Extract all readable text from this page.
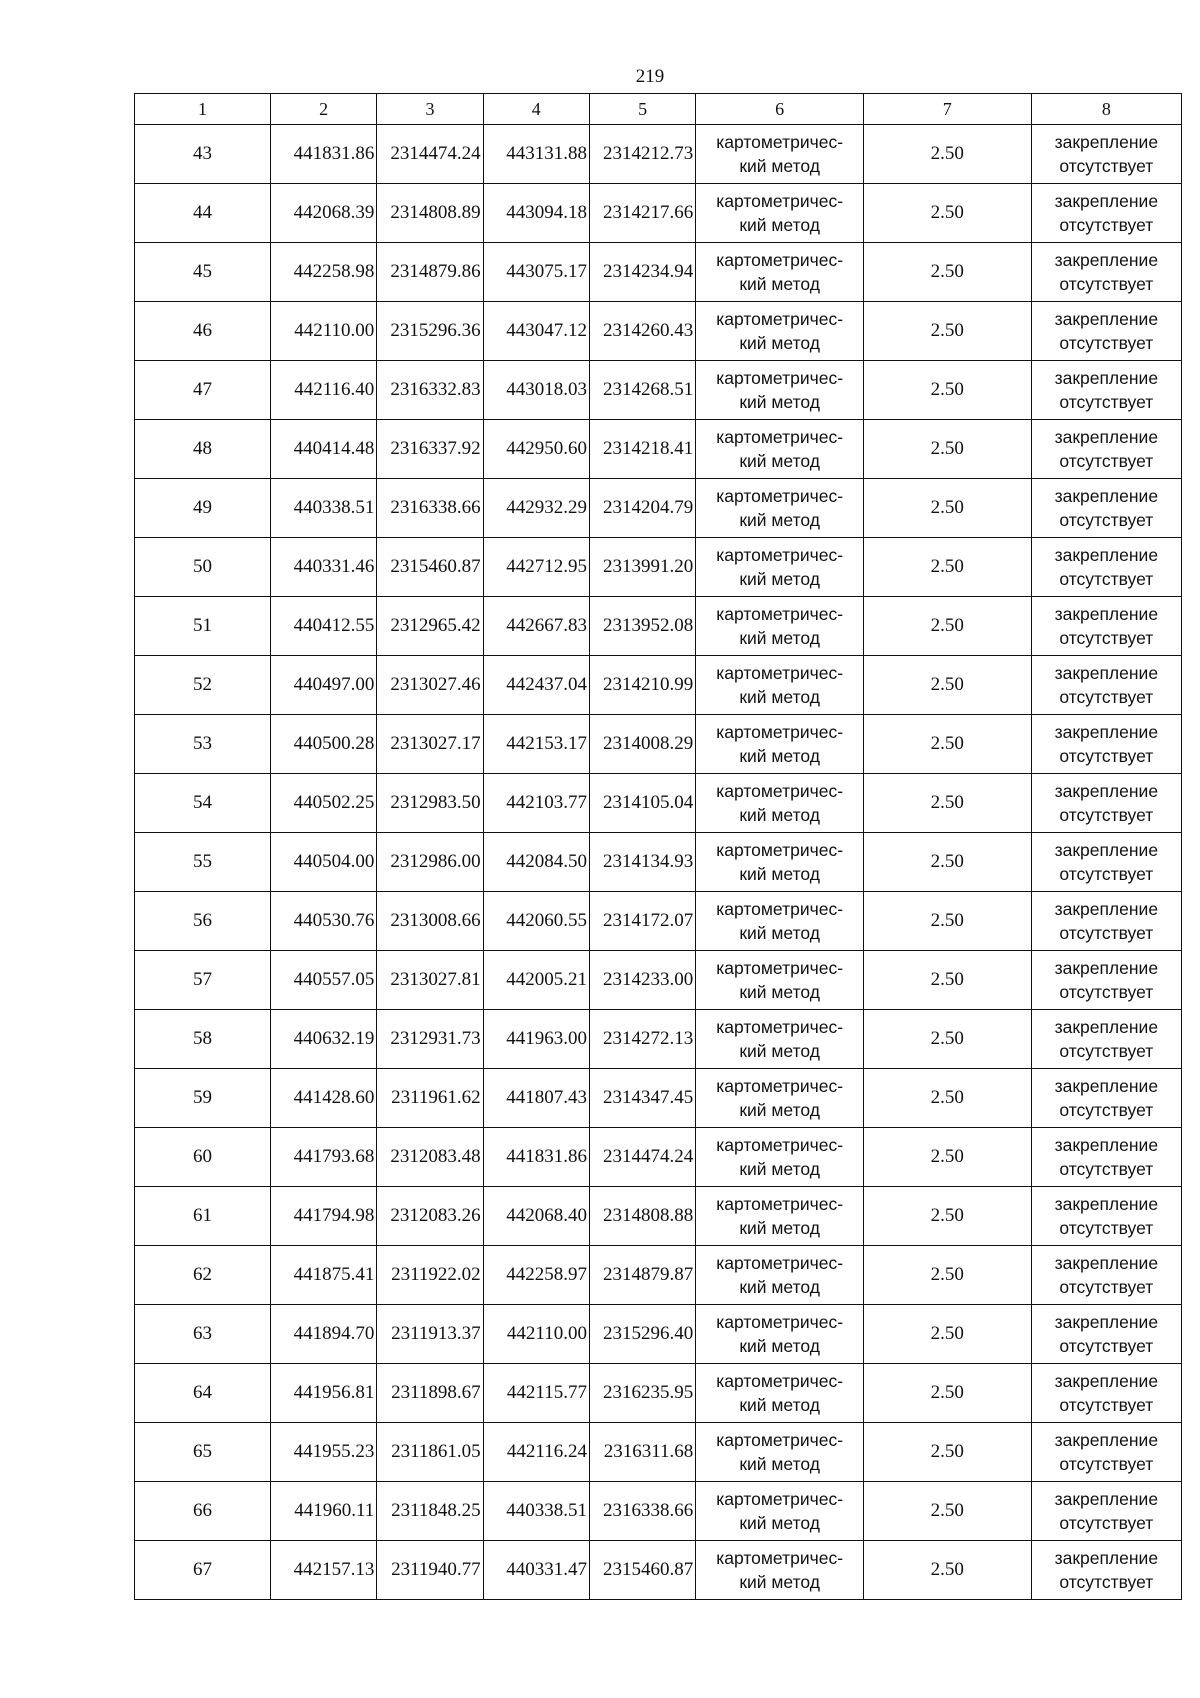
219
1	2	3	4	5	6	7	8
43	441831.86	2314474.24	443131.88	2314212.73	картометричес-
кий метод	2.50	закрепление
отсутствует

44	442068.39	2314808.89	443094.18	2314217.66	картометричес-
кий метод	2.50	закрепление
отсутствует

45	442258.98	2314879.86	443075.17	2314234.94	картометричес-
кий метод	2.50	закрепление
отсутствует

46	442110.00	2315296.36	443047.12	2314260.43	картометричес-
кий метод	2.50	закрепление
отсутствует

47	442116.40	2316332.83	443018.03	2314268.51	картометричес-
кий метод	2.50	закрепление
отсутствует

48	440414.48	2316337.92	442950.60	2314218.41	картометричес-
кий метод	2.50	закрепление
отсутствует

49	440338.51	2316338.66	442932.29	2314204.79	картометричес-
кий метод	2.50	закрепление
отсутствует

50	440331.46	2315460.87	442712.95	2313991.20	картометричес-
кий метод	2.50	закрепление
отсутствует

51	440412.55	2312965.42	442667.83	2313952.08	картометричес-
кий метод	2.50	закрепление
отсутствует

52	440497.00	2313027.46	442437.04	2314210.99	картометричес-
кий метод	2.50	закрепление
отсутствует

53	440500.28	2313027.17	442153.17	2314008.29	картометричес-
кий метод	2.50	закрепление
отсутствует

54	440502.25	2312983.50	442103.77	2314105.04	картометричес-
кий метод	2.50	закрепление
отсутствует

55	440504.00	2312986.00	442084.50	2314134.93	картометричес-
кий метод	2.50	закрепление
отсутствует

56	440530.76	2313008.66	442060.55	2314172.07	картометричес-
кий метод	2.50	закрепление
отсутствует

57	440557.05	2313027.81	442005.21	2314233.00	картометричес-
кий метод	2.50	закрепление
отсутствует

58	440632.19	2312931.73	441963.00	2314272.13	картометричес-
кий метод	2.50	закрепление
отсутствует

59	441428.60	2311961.62	441807.43	2314347.45	картометричес-
кий метод	2.50	закрепление
отсутствует

60	441793.68	2312083.48	441831.86	2314474.24	картометричес-
кий метод	2.50	закрепление
отсутствует

61	441794.98	2312083.26	442068.40	2314808.88	картометричес-
кий метод	2.50	закрепление
отсутствует

62	441875.41	2311922.02	442258.97	2314879.87	картометричес-
кий метод	2.50	закрепление
отсутствует

63	441894.70	2311913.37	442110.00	2315296.40	картометричес-
кий метод	2.50	закрепление
отсутствует

64	441956.81	2311898.67	442115.77	2316235.95	картометричес-
кий метод	2.50	закрепление
отсутствует

65	441955.23	2311861.05	442116.24	2316311.68	картометричес-
кий метод	2.50	закрепление
отсутствует

66	441960.11	2311848.25	440338.51	2316338.66	картометричес-
кий метод	2.50	закрепление
отсутствует

67	442157.13	2311940.77	440331.47	2315460.87	картометричес-
кий метод	2.50	закрепление
отсутствует
